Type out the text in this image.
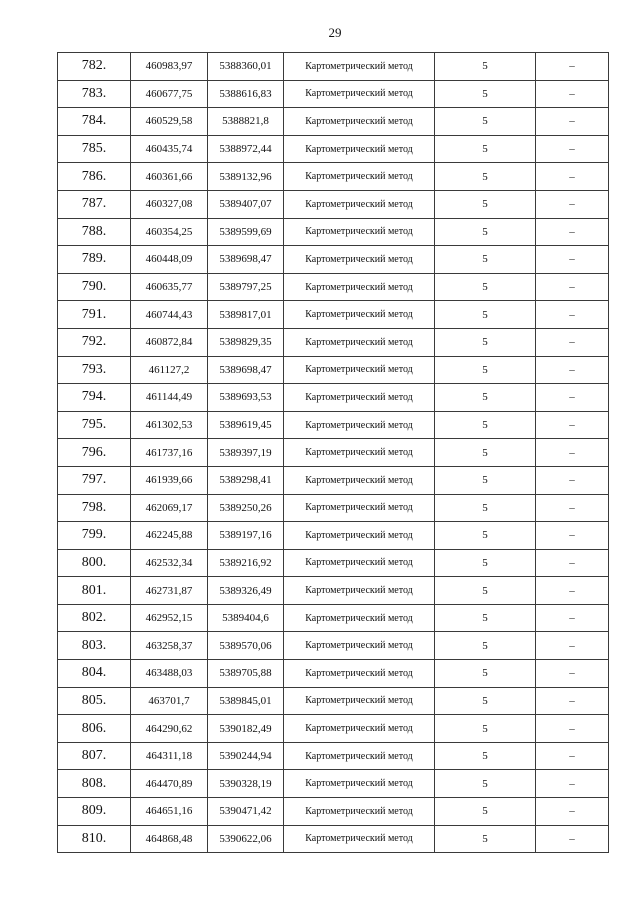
29
782.	460983,97	5388360,01	Картометрический метод	5	–
783.	460677,75	5388616,83	Картометрический метод	5	–
784.	460529,58	5388821,8	Картометрический метод	5	–
785.	460435,74	5388972,44	Картометрический метод	5	–
786.	460361,66	5389132,96	Картометрический метод	5	–
787.	460327,08	5389407,07	Картометрический метод	5	–
788.	460354,25	5389599,69	Картометрический метод	5	–
789.	460448,09	5389698,47	Картометрический метод	5	–
790.	460635,77	5389797,25	Картометрический метод	5	–
791.	460744,43	5389817,01	Картометрический метод	5	–
792.	460872,84	5389829,35	Картометрический метод	5	–
793.	461127,2	5389698,47	Картометрический метод	5	–
794.	461144,49	5389693,53	Картометрический метод	5	–
795.	461302,53	5389619,45	Картометрический метод	5	–
796.	461737,16	5389397,19	Картометрический метод	5	–
797.	461939,66	5389298,41	Картометрический метод	5	–
798.	462069,17	5389250,26	Картометрический метод	5	–
799.	462245,88	5389197,16	Картометрический метод	5	–
800.	462532,34	5389216,92	Картометрический метод	5	–
801.	462731,87	5389326,49	Картометрический метод	5	–
802.	462952,15	5389404,6	Картометрический метод	5	–
803.	463258,37	5389570,06	Картометрический метод	5	–
804.	463488,03	5389705,88	Картометрический метод	5	–
805.	463701,7	5389845,01	Картометрический метод	5	–
806.	464290,62	5390182,49	Картометрический метод	5	–
807.	464311,18	5390244,94	Картометрический метод	5	–
808.	464470,89	5390328,19	Картометрический метод	5	–
809.	464651,16	5390471,42	Картометрический метод	5	–
810.	464868,48	5390622,06	Картометрический метод	5	–
